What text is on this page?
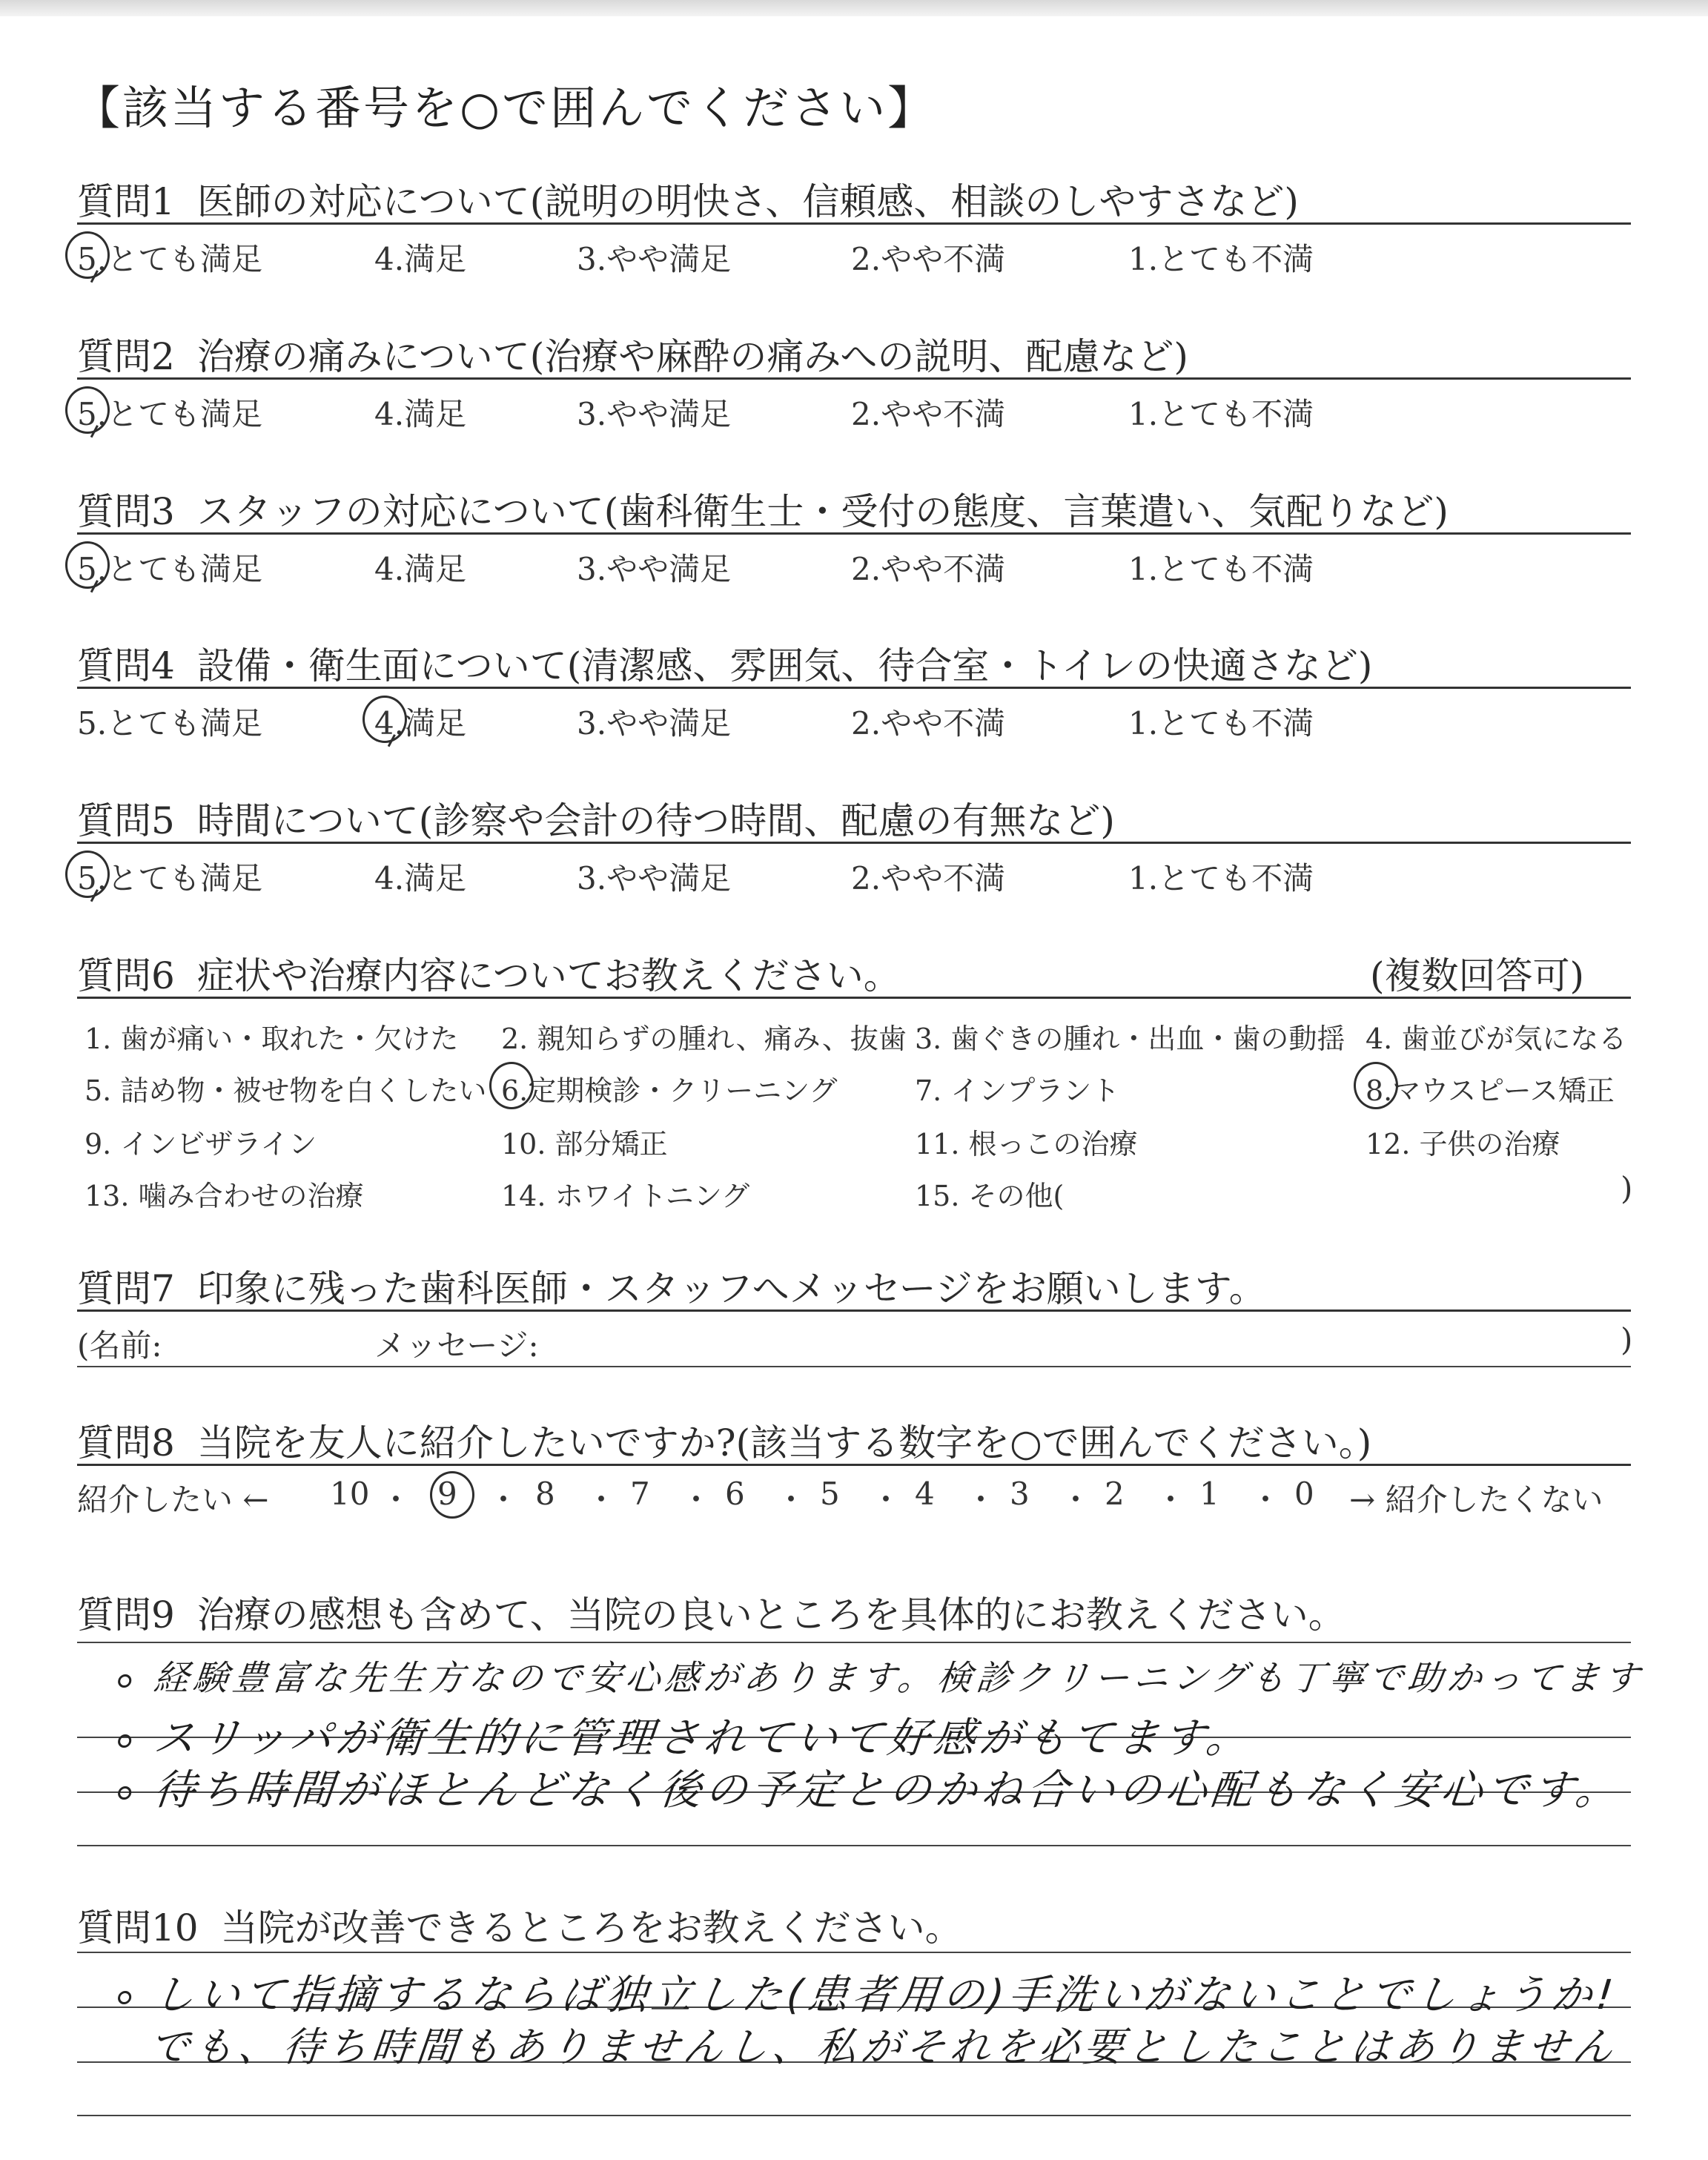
【該当する番号を○で囲んでください】
質問1 医師の対応について(説明の明快さ、信頼感、相談のしやすさなど)
5.とても満足	4.満足	3.やや満足	2.やや不満	1.とても不満
質問2 治療の痛みについて(治療や麻酔の痛みへの説明、配慮など)
5.とても満足	4.満足	3.やや満足	2.やや不満	1.とても不満
質問3 スタッフの対応について(歯科衛生士・受付の態度、言葉遣い、気配りなど)
5.とても満足	4.満足	3.やや満足	2.やや不満	1.とても不満
質問4 設備・衛生面について(清潔感、雰囲気、待合室・トイレの快適さなど)
5.とても満足	4.満足	3.やや満足	2.やや不満	1.とても不満
質問5 時間について(診察や会計の待つ時間、配慮の有無など)
5.とても満足	4.満足	3.やや満足	2.やや不満	1.とても不満
質問6 症状や治療内容についてお教えください。	(複数回答可)
1. 歯が痛い・取れた・欠けた 2. 親知らずの腫れ、痛み、抜歯 3. 歯ぐきの腫れ・出血・歯の動揺 4. 歯並びが気になる
5. 詰め物・被せ物を白くしたい 6.定期検診・クリーニング	7. インプラント	8.マウスピース矯正
9. インビザライン	10. 部分矯正	11. 根っこの治療	12. 子供の治療
13. 噛み合わせの治療	14. ホワイトニング	15. その他(	)
質問7 印象に残った歯科医師・スタッフへメッセージをお願いします。
(名前:	メッセージ:	)
質問8 当院を友人に紹介したいですか?(該当する数字を○で囲んでください。)
紹介したい ← 10 ・ 9 ・ 8 ・ 7 ・ 6 ・ 5 ・ 4 ・ 3 ・ 2 ・ 1 ・ 0 → 紹介したくない
質問9 治療の感想も含めて、当院の良いところを具体的にお教えください。
経験豊富な先生方なので安心感があります。検診クリーニングも丁寧で助かってます
スリッパが衛生的に管理されていて好感がもてます。
待ち時間がほとんどなく後の予定とのかね合いの心配もなく安心です。
質問10 当院が改善できるところをお教えください。
しいて指摘するならば独立した(患者用の)手洗いがないことでしょうか!
でも、待ち時間もありませんし、私がそれを必要としたことはありません
